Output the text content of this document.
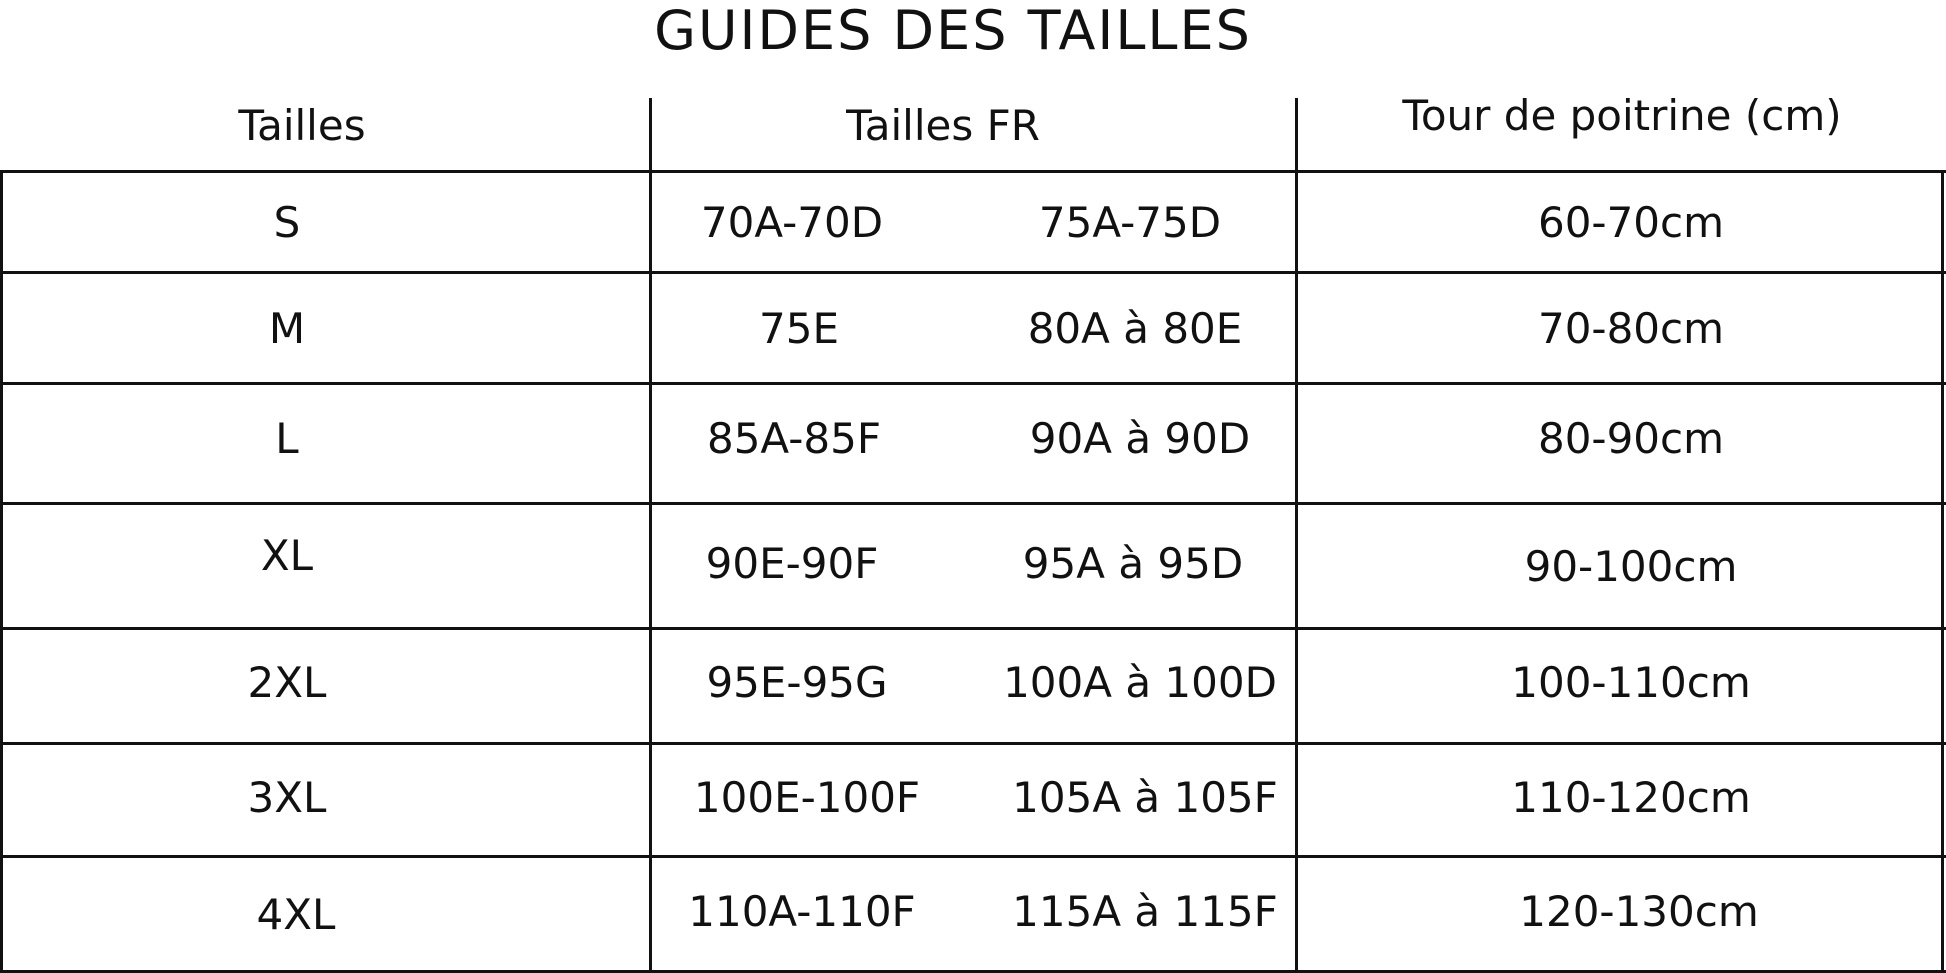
GUIDES DES TAILLES
Tailles	Tailles FR	Tour de poitrine (cm)
S	70A-70D	75A-75D	60-70cm
M	75E	80A à 80E	70-80cm
L	85A-85F	90A à 90D	80-90cm
XL	90E-90F	95A à 95D	90-100cm
2XL	95E-95G	100A à 100D	100-110cm
3XL	100E-100F	105A à 105F	110-120cm
4XL	110A-110F	115A à 115F	120-130cm
